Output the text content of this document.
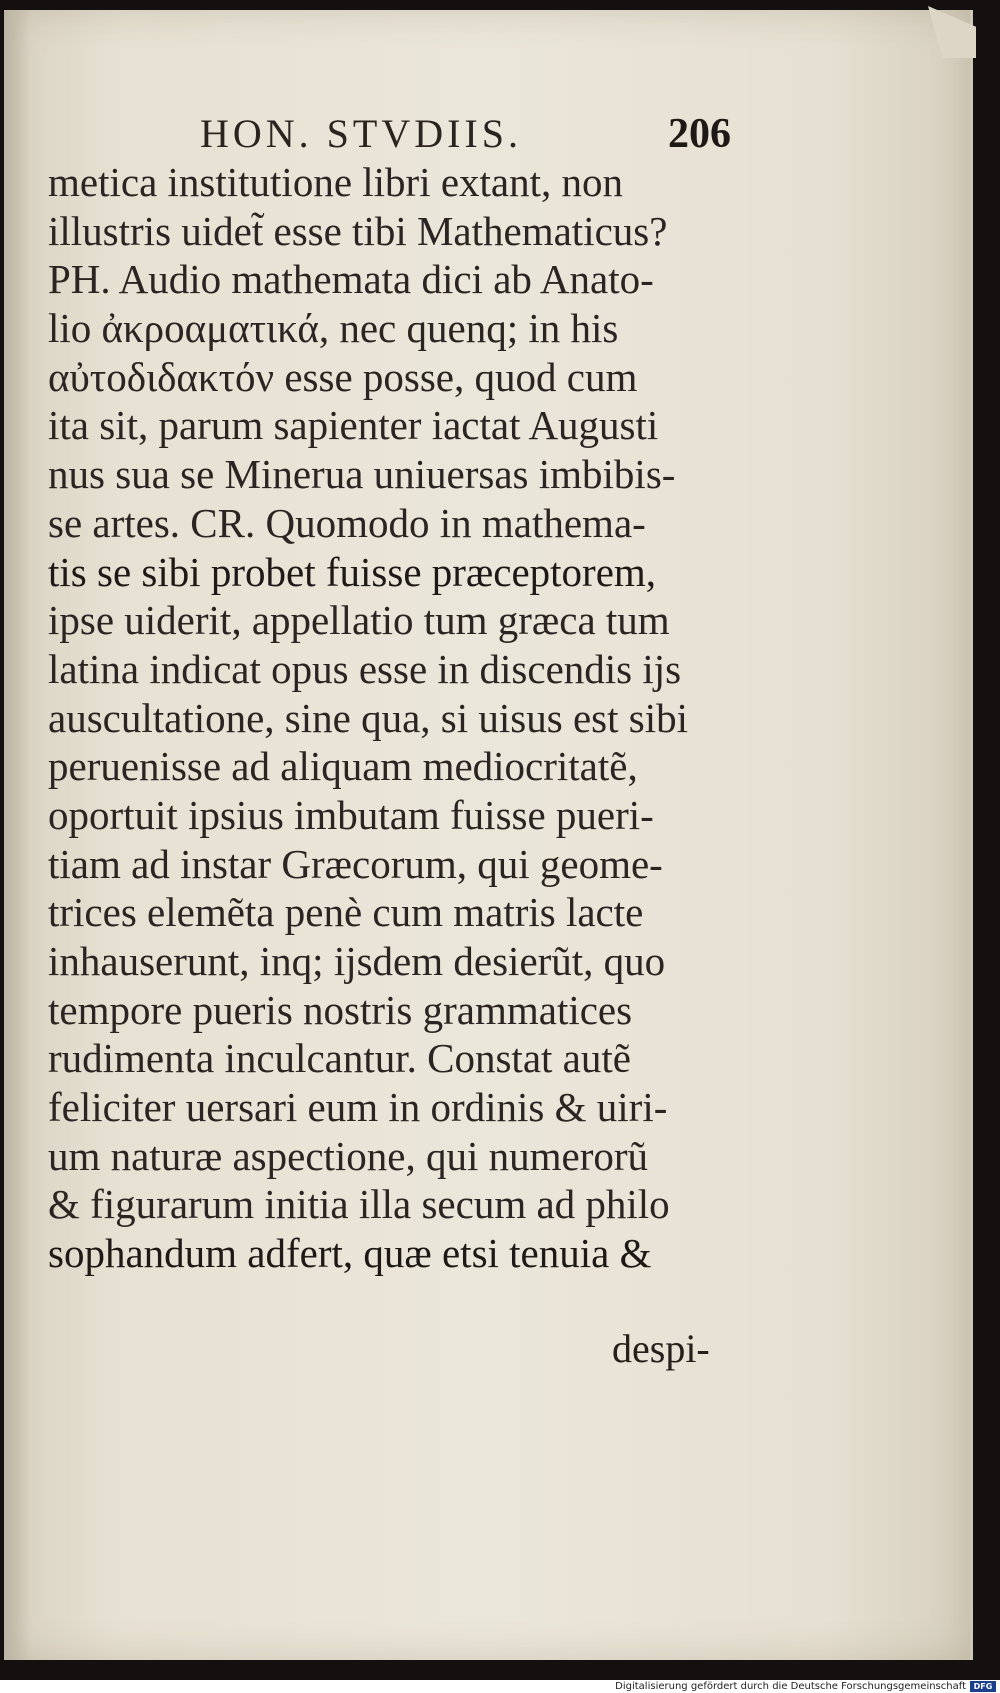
HON. STVDIIS.	206
metica institutione libri extant, non
illustris uidet̃ esse tibi Mathematicus?
PH. Audio mathemata dici ab Anato-
lio ἀκροαματικά, nec quenq; in his
αὐτοδιδακτόν esse posse, quod cum
ita sit, parum sapienter iactat Augusti
nus sua se Minerua uniuersas imbibis-
se artes. CR. Quomodo in mathema-
tis se sibi probet fuisse præceptorem,
ipse uiderit, appellatio tum græca tum
latina indicat opus esse in discendis ijs
auscultatione, sine qua, si uisus est sibi
peruenisse ad aliquam mediocritatẽ,
oportuit ipsius imbutam fuisse pueri-
tiam ad instar Græcorum, qui geome-
trices elemẽta penè cum matris lacte
inhauserunt, inq; ijsdem desierũt, quo
tempore pueris nostris grammatices
rudimenta inculcantur. Constat autẽ
feliciter uersari eum in ordinis & uiri-
um naturæ aspectione, qui numerorũ
& figurarum initia illa secum ad philo
sophandum adfert, quæ etsi tenuia &
despi-
Digitalisierung gefördert durch die Deutsche Forschungsgemeinschaft DFG
